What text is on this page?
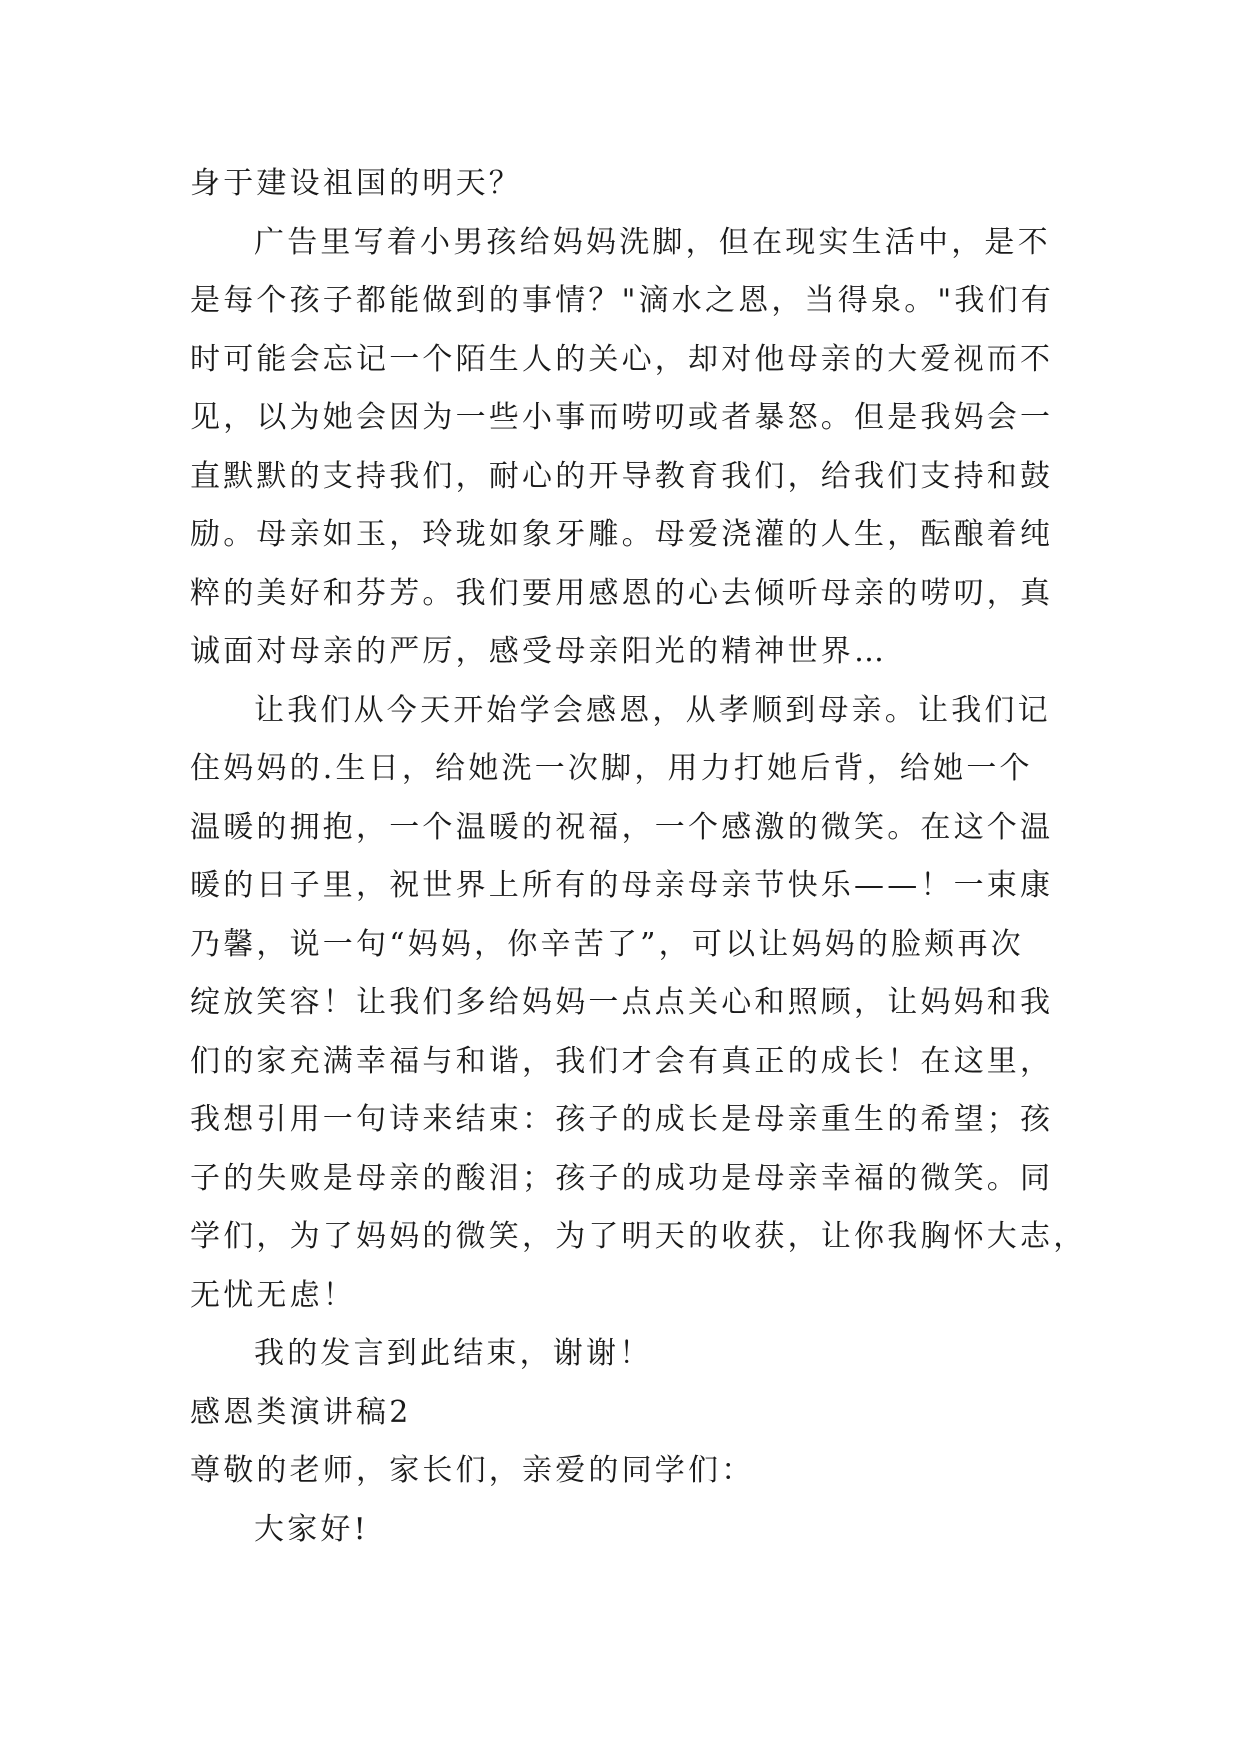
身于建设祖国的明天？
广告里写着小男孩给妈妈洗脚，但在现实生活中，是不
是每个孩子都能做到的事情？"滴水之恩，当得泉。"我们有
时可能会忘记一个陌生人的关心，却对他母亲的大爱视而不
见，以为她会因为一些小事而唠叨或者暴怒。但是我妈会一
直默默的支持我们，耐心的开导教育我们，给我们支持和鼓
励。母亲如玉，玲珑如象牙雕。母爱浇灌的人生，酝酿着纯
粹的美好和芬芳。我们要用感恩的心去倾听母亲的唠叨，真
诚面对母亲的严厉，感受母亲阳光的精神世界…
让我们从今天开始学会感恩，从孝顺到母亲。让我们记
住妈妈的.生日，给她洗一次脚，用力打她后背，给她一个
温暖的拥抱，一个温暖的祝福，一个感激的微笑。在这个温
暖的日子里，祝世界上所有的母亲母亲节快乐——！一束康
乃馨，说一句“妈妈，你辛苦了”，可以让妈妈的脸颊再次
绽放笑容！让我们多给妈妈一点点关心和照顾，让妈妈和我
们的家充满幸福与和谐，我们才会有真正的成长！在这里，
我想引用一句诗来结束：孩子的成长是母亲重生的希望；孩
子的失败是母亲的酸泪；孩子的成功是母亲幸福的微笑。同
学们，为了妈妈的微笑，为了明天的收获，让你我胸怀大志，
无忧无虑！
我的发言到此结束，谢谢！
感恩类演讲稿2
尊敬的老师，家长们，亲爱的同学们：
大家好!
